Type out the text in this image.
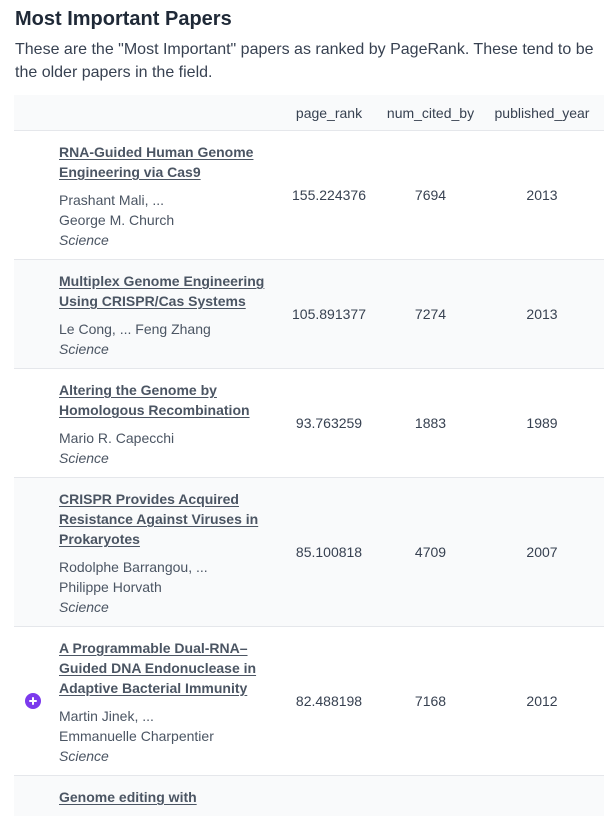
Most Important Papers

These are the "Most Important" papers as ranked by PageRank. These tend to be the older papers in the field.

	page_rank	num_cited_by	published_year

RNA-Guided Human Genome Engineering via Cas9
Prashant Mali, ...
George M. Church
Science	155.224376	7694	2013

Multiplex Genome Engineering Using CRISPR/Cas Systems
Le Cong, ... Feng Zhang
Science	105.891377	7274	2013

Altering the Genome by Homologous Recombination
Mario R. Capecchi
Science	93.763259	1883	1989

CRISPR Provides Acquired Resistance Against Viruses in Prokaryotes
Rodolphe Barrangou, ...
Philippe Horvath
Science	85.100818	4709	2007

A Programmable Dual-RNA–Guided DNA Endonuclease in Adaptive Bacterial Immunity
Martin Jinek, ...
Emmanuelle Charpentier
Science	82.488198	7168	2012

Genome editing with			
